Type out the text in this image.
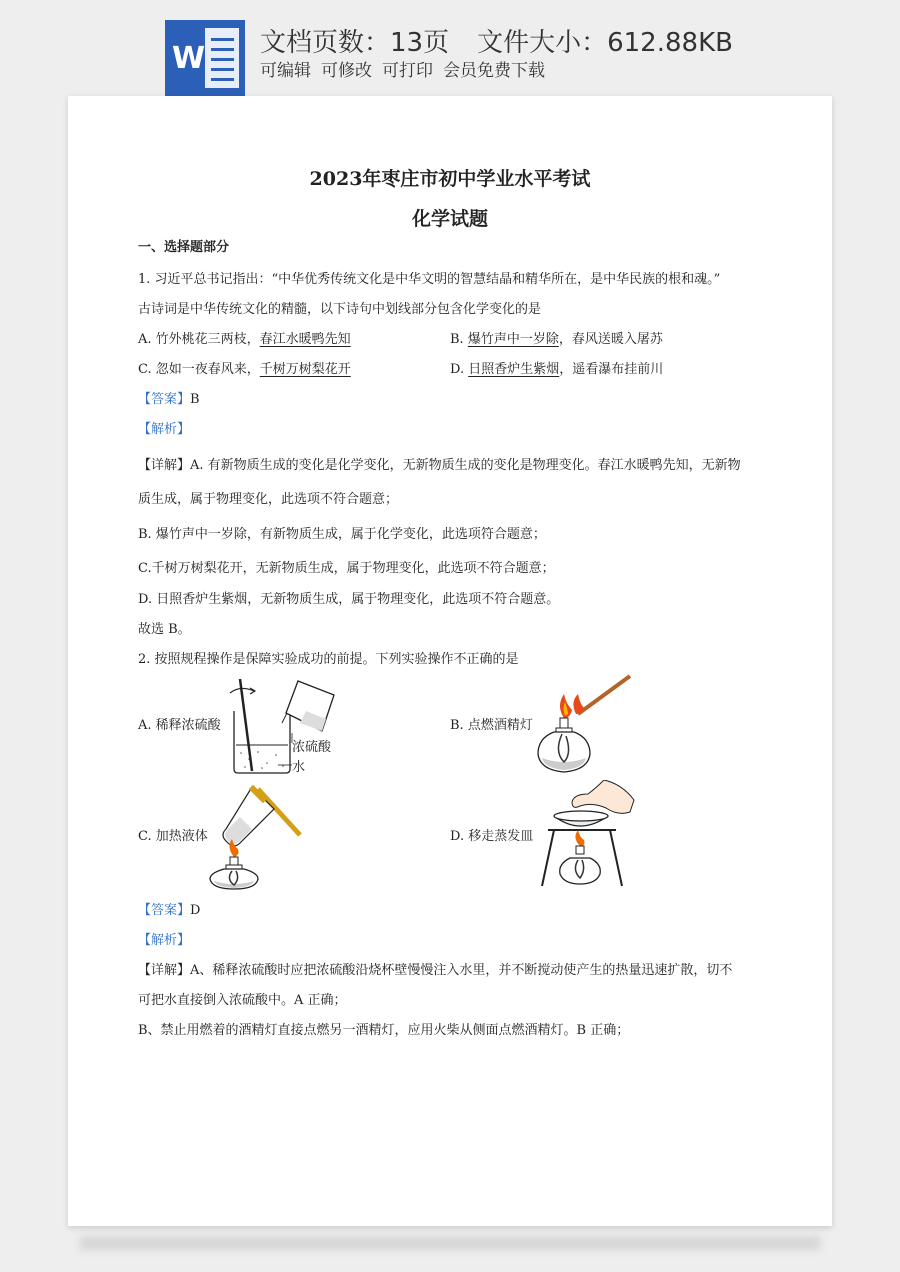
W 文档页数：13页 文件大小：612.88KB
可编辑 可修改 可打印 会员免费下载
2023年枣庄市初中学业水平考试
化学试题
一、选择题部分
1. 习近平总书记指出：“中华优秀传统文化是中华文明的智慧结晶和精华所在，是中华民族的根和魂。”
古诗词是中华传统文化的精髓，以下诗句中划线部分包含化学变化的是
A. 竹外桃花三两枝，春江水暖鸭先知	B. 爆竹声中一岁除，春风送暖入屠苏
C. 忽如一夜春风来，千树万树梨花开	D. 日照香炉生紫烟，遥看瀑布挂前川
【答案】B
【解析】
【详解】A. 有新物质生成的变化是化学变化，无新物质生成的变化是物理变化。春江水暖鸭先知，无新物
质生成，属于物理变化，此选项不符合题意；
B. 爆竹声中一岁除，有新物质生成，属于化学变化，此选项符合题意；
C.千树万树梨花开，无新物质生成，属于物理变化，此选项不符合题意；
D. 日照香炉生紫烟，无新物质生成，属于物理变化，此选项不符合题意。
故选 B。
2. 按照规程操作是保障实验成功的前提。下列实验操作不正确的是
A. 稀释浓硫酸	B. 点燃酒精灯
C. 加热液体	D. 移走蒸发皿
浓硫酸
水
【答案】D
【解析】
【详解】A、稀释浓硫酸时应把浓硫酸沿烧杯壁慢慢注入水里，并不断搅动使产生的热量迅速扩散，切不
可把水直接倒入浓硫酸中。A 正确；
B、禁止用燃着的酒精灯直接点燃另一酒精灯，应用火柴从侧面点燃酒精灯。B 正确；
